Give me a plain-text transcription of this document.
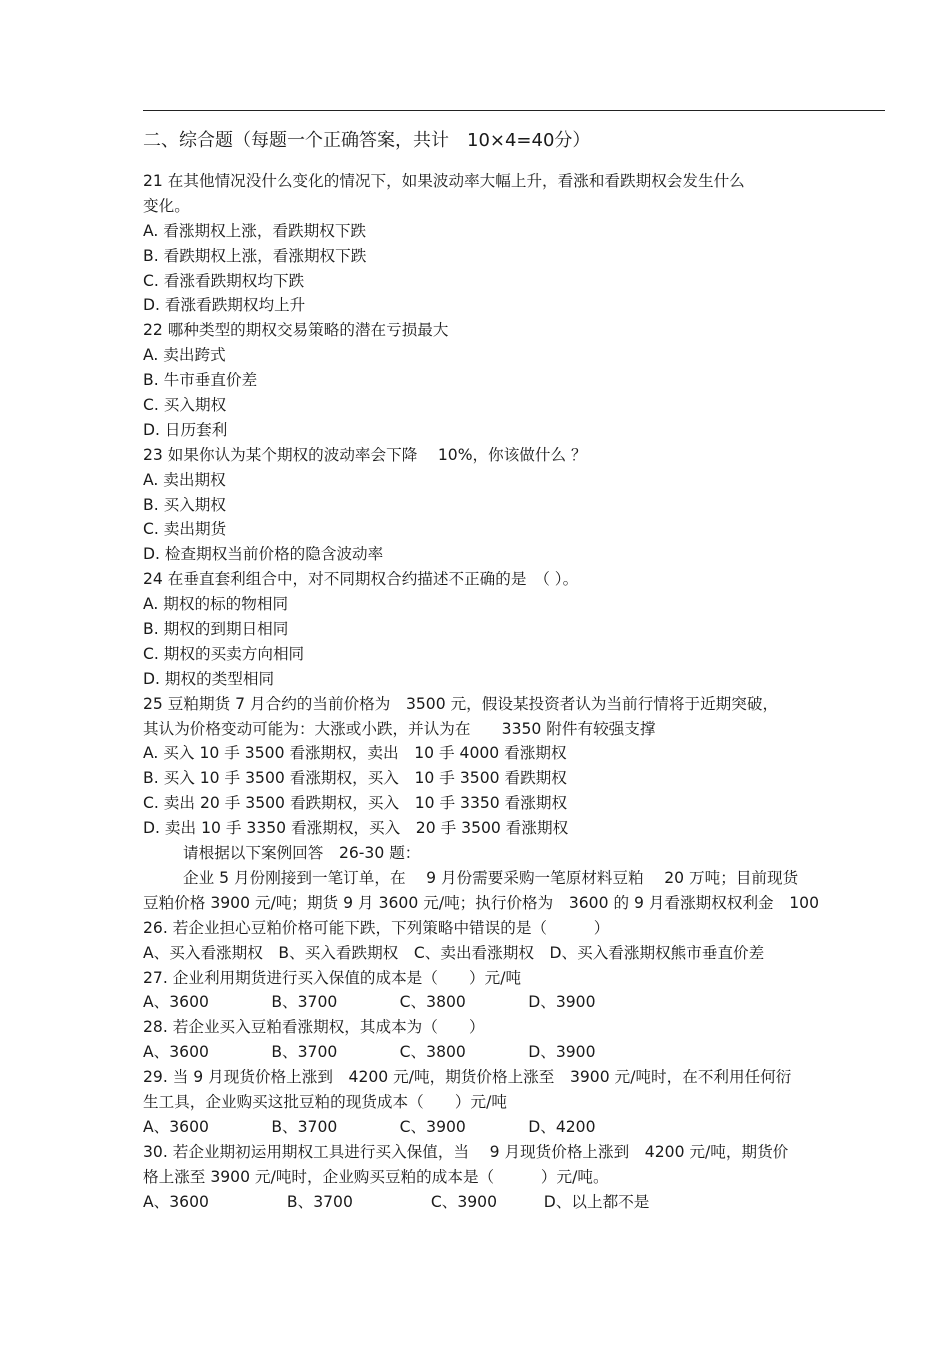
二、综合题（每题一个正确答案，共计　10×4=40分）
21 在其他情况没什么变化的情况下，如果波动率大幅上升，看涨和看跌期权会发生什么
变化。
A. 看涨期权上涨，看跌期权下跌
B. 看跌期权上涨，看涨期权下跌
C. 看涨看跌期权均下跌
D. 看涨看跌期权均上升
22 哪种类型的期权交易策略的潜在亏损最大
A. 卖出跨式
B. 牛市垂直价差
C. 买入期权
D. 日历套利
23 如果你认为某个期权的波动率会下降　 10%，你该做什么 ？
A. 卖出期权
B. 买入期权
C. 卖出期货
D. 检查期权当前价格的隐含波动率
24 在垂直套利组合中，对不同期权合约描述不正确的是　（ ）。
A. 期权的标的物相同
B. 期权的到期日相同
C. 期权的买卖方向相同
D. 期权的类型相同
25 豆粕期货 7 月合约的当前价格为　3500 元，假设某投资者认为当前行情将于近期突破，
其认为价格变动可能为：大涨或小跌，并认为在　　3350 附件有较强支撑
A. 买入 10 手 3500 看涨期权，卖出　10 手 4000 看涨期权
B. 买入 10 手 3500 看涨期权，买入　10 手 3500 看跌期权
C. 卖出 20 手 3500 看跌期权，买入　10 手 3350 看涨期权
D. 卖出 10 手 3350 看涨期权，买入　20 手 3500 看涨期权
请根据以下案例回答　26-30 题：
企业 5 月份刚接到一笔订单，在　 9 月份需要采购一笔原材料豆粕　 20 万吨；目前现货
豆粕价格 3900 元/吨；期货 9 月 3600 元/吨；执行价格为　3600 的 9 月看涨期权权利金　100
26. 若企业担心豆粕价格可能下跌，下列策略中错误的是（　　　）
A、买入看涨期权　B、买入看跌期权　C、卖出看涨期权　D、买入看涨期权熊市垂直价差
27. 企业利用期货进行买入保值的成本是（　　）元/吨
A、3600　　　　B、3700　　　　C、3800　　　　D、3900
28. 若企业买入豆粕看涨期权，其成本为（　　）
A、3600　　　　B、3700　　　　C、3800　　　　D、3900
29. 当 9 月现货价格上涨到　4200 元/吨，期货价格上涨至　3900 元/吨时，在不利用任何衍
生工具，企业购买这批豆粕的现货成本（　　）元/吨
A、3600　　　　B、3700　　　　C、3900　　　　D、4200
30. 若企业期初运用期权工具进行买入保值，当　 9 月现货价格上涨到　4200 元/吨，期货价
格上涨至 3900 元/吨时，企业购买豆粕的成本是（　　　）元/吨。
A、3600　　　　　B、3700　　　　　C、3900　　　D、以上都不是
